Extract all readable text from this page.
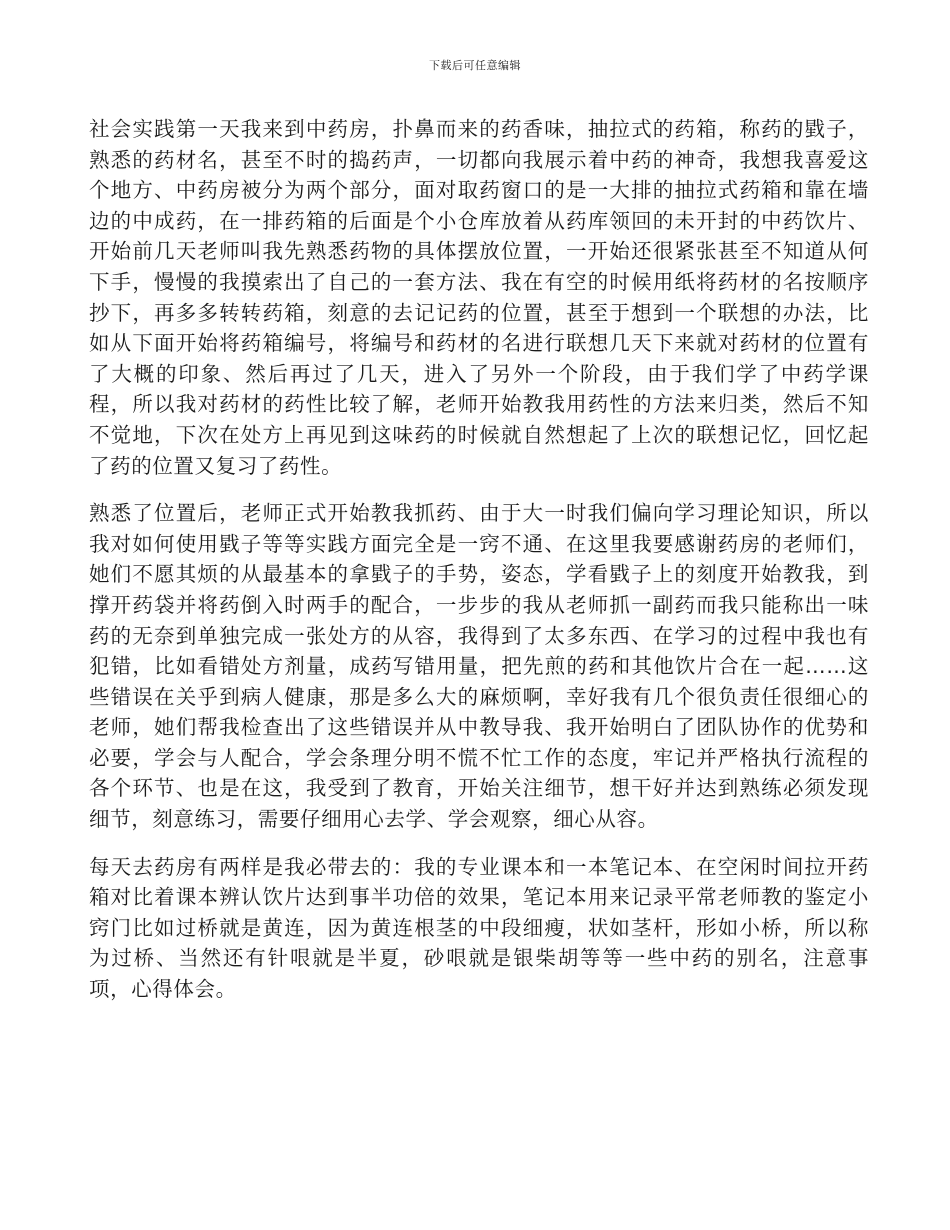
下载后可任意编辑

社会实践第一天我来到中药房，扑鼻而来的药香味，抽拉式的药箱，称药的戥子，熟悉的药材名，甚至不时的捣药声，一切都向我展示着中药的神奇，我想我喜爱这个地方、中药房被分为两个部分，面对取药窗口的是一大排的抽拉式药箱和靠在墙边的中成药，在一排药箱的后面是个小仓库放着从药库领回的未开封的中药饮片、开始前几天老师叫我先熟悉药物的具体摆放位置，一开始还很紧张甚至不知道从何下手，慢慢的我摸索出了自己的一套方法、我在有空的时候用纸将药材的名按顺序抄下，再多多转转药箱，刻意的去记记药的位置，甚至于想到一个联想的办法，比如从下面开始将药箱编号，将编号和药材的名进行联想几天下来就对药材的位置有了大概的印象、然后再过了几天，进入了另外一个阶段，由于我们学了中药学课程，所以我对药材的药性比较了解，老师开始教我用药性的方法来归类，然后不知不觉地，下次在处方上再见到这味药的时候就自然想起了上次的联想记忆，回忆起了药的位置又复习了药性。

熟悉了位置后，老师正式开始教我抓药、由于大一时我们偏向学习理论知识，所以我对如何使用戥子等等实践方面完全是一窍不通、在这里我要感谢药房的老师们，她们不愿其烦的从最基本的拿戥子的手势，姿态，学看戥子上的刻度开始教我，到撑开药袋并将药倒入时两手的配合，一步步的我从老师抓一副药而我只能称出一味药的无奈到单独完成一张处方的从容，我得到了太多东西、在学习的过程中我也有犯错，比如看错处方剂量，成药写错用量，把先煎的药和其他饮片合在一起……这些错误在关乎到病人健康，那是多么大的麻烦啊，幸好我有几个很负责任很细心的老师，她们帮我检查出了这些错误并从中教导我、我开始明白了团队协作的优势和必要，学会与人配合，学会条理分明不慌不忙工作的态度，牢记并严格执行流程的各个环节、也是在这，我受到了教育，开始关注细节，想干好并达到熟练必须发现细节，刻意练习，需要仔细用心去学、学会观察，细心从容。

每天去药房有两样是我必带去的：我的专业课本和一本笔记本、在空闲时间拉开药箱对比着课本辨认饮片达到事半功倍的效果，笔记本用来记录平常老师教的鉴定小窍门比如过桥就是黄连，因为黄连根茎的中段细瘦，状如茎杆，形如小桥，所以称为过桥、当然还有针哏就是半夏，砂哏就是银柴胡等等一些中药的别名，注意事项，心得体会。
